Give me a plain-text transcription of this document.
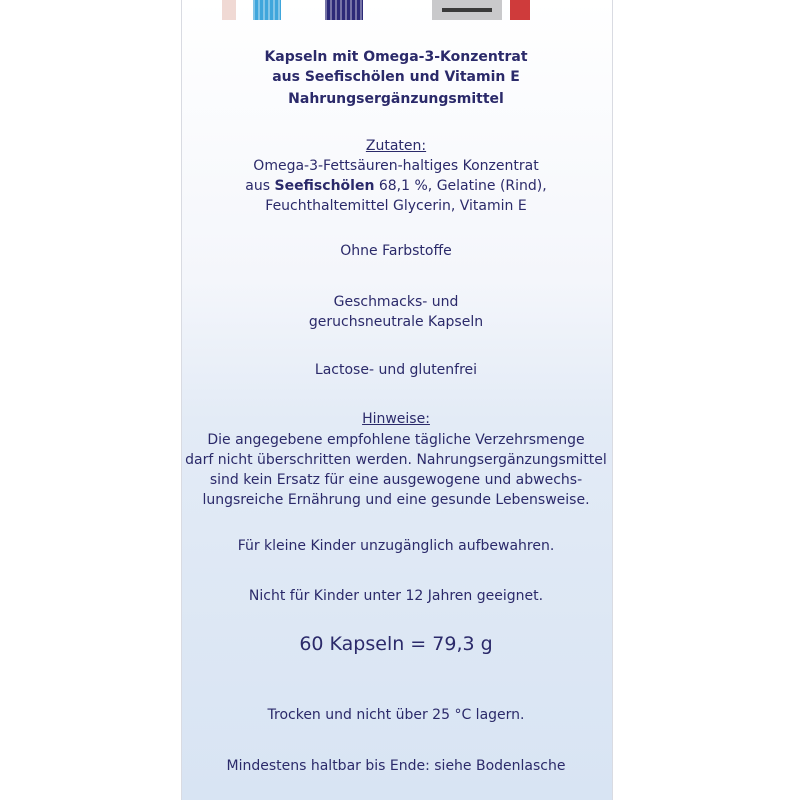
Kapseln mit Omega-3-Konzentrat

aus Seefischölen und Vitamin E

Nahrungsergänzungsmittel

Zutaten:

Omega-3-Fettsäuren-haltiges Konzentrat

aus Seefischölen 68,1 %, Gelatine (Rind),

Feuchthaltemittel Glycerin, Vitamin E

Ohne Farbstoffe

Geschmacks- und

geruchsneutrale Kapseln

Lactose- und glutenfrei

Hinweise:

Die angegebene empfohlene tägliche Verzehrsmenge

darf nicht überschritten werden. Nahrungsergänzungsmittel

sind kein Ersatz für eine ausgewogene und abwechs-

lungsreiche Ernährung und eine gesunde Lebensweise.

Für kleine Kinder unzugänglich aufbewahren.

Nicht für Kinder unter 12 Jahren geeignet.

60 Kapseln = 79,3 g

Trocken und nicht über 25 °C lagern.

Mindestens haltbar bis Ende: siehe Bodenlasche
